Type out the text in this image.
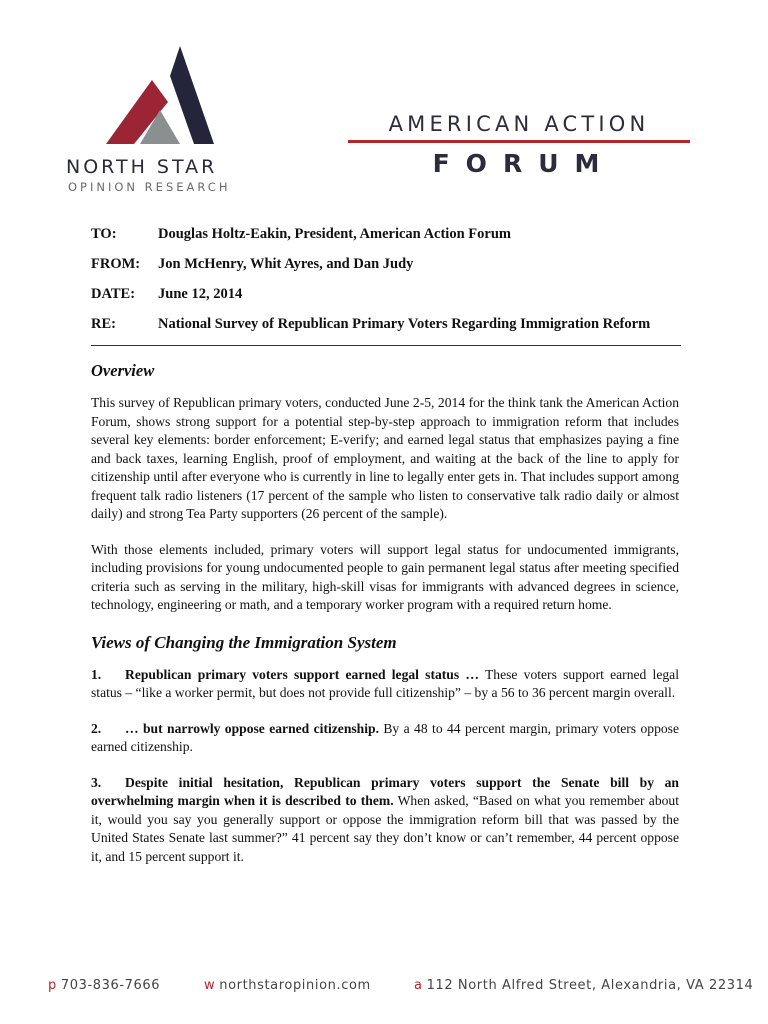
NORTH STAR
OPINION RESEARCH
AMERICAN ACTION
FORUM
TO:	Douglas Holtz-Eakin, President, American Action Forum
FROM:	Jon McHenry, Whit Ayres, and Dan Judy
DATE:	June 12, 2014
RE:	National Survey of Republican Primary Voters Regarding Immigration Reform
Overview

This survey of Republican primary voters, conducted June 2-5, 2014 for the think tank the American Action Forum, shows strong support for a potential step-by-step approach to immigration reform that includes several key elements: border enforcement; E-verify; and earned legal status that emphasizes paying a fine and back taxes, learning English, proof of employment, and waiting at the back of the line to apply for citizenship until after everyone who is currently in line to legally enter gets in. That includes support among frequent talk radio listeners (17 percent of the sample who listen to conservative talk radio daily or almost daily) and strong Tea Party supporters (26 percent of the sample).

With those elements included, primary voters will support legal status for undocumented immigrants, including provisions for young undocumented people to gain permanent legal status after meeting specified criteria such as serving in the military, high-skill visas for immigrants with advanced degrees in science, technology, engineering or math, and a temporary worker program with a required return home.

Views of Changing the Immigration System

1. Republican primary voters support earned legal status … These voters support earned legal status – “like a worker permit, but does not provide full citizenship” – by a 56 to 36 percent margin overall.

2. … but narrowly oppose earned citizenship. By a 48 to 44 percent margin, primary voters oppose earned citizenship.

3. Despite initial hesitation, Republican primary voters support the Senate bill by an overwhelming margin when it is described to them. When asked, “Based on what you remember about it, would you say you generally support or oppose the immigration reform bill that was passed by the United States Senate last summer?” 41 percent say they don’t know or can’t remember, 44 percent oppose it, and 15 percent support it.

p 703-836-7666	w northstaropinion.com	a 112 North Alfred Street, Alexandria, VA 22314
